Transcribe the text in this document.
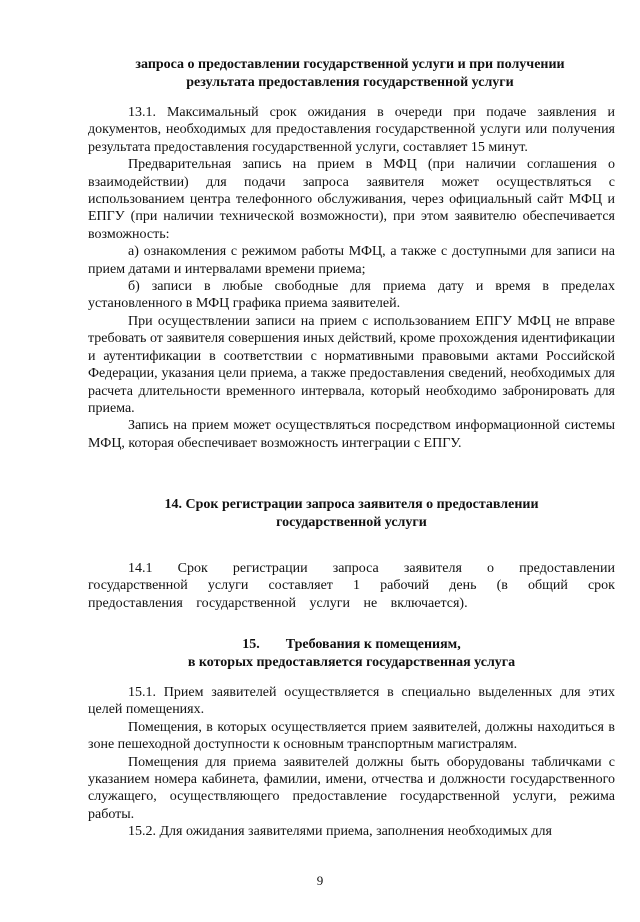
запроса о предоставлении государственной услуги и при получении
результата предоставления государственной услуги

13.1. Максимальный срок ожидания в очереди при подаче заявления и документов, необходимых для предоставления государственной услуги или получения результата предоставления государственной услуги, составляет 15 минут.

Предварительная запись на прием в МФЦ (при наличии соглашения о взаимодействии) для подачи запроса заявителя может осуществляться с использованием центра телефонного обслуживания, через официальный сайт МФЦ и ЕПГУ (при наличии технической возможности), при этом заявителю обеспечивается возможность:

а) ознакомления с режимом работы МФЦ, а также с доступными для записи на прием датами и интервалами времени приема;

б) записи в любые свободные для приема дату и время в пределах установленного в МФЦ графика приема заявителей.

При осуществлении записи на прием с использованием ЕПГУ МФЦ не вправе требовать от заявителя совершения иных действий, кроме прохождения идентификации и аутентификации в соответствии с нормативными правовыми актами Российской Федерации, указания цели приема, а также предоставления сведений, необходимых для расчета длительности временного интервала, который необходимо забронировать для приема.

Запись на прием может осуществляться посредством информационной системы МФЦ, которая обеспечивает возможность интеграции с ЕПГУ.

14. Срок регистрации запроса заявителя о предоставлении
государственной услуги

14.1 Срок регистрации запроса заявителя о предоставлении государственной услуги составляет 1 рабочий день (в общий срок предоставления государственной услуги не включается).

15. Требования к помещениям,
в которых предоставляется государственная услуга

15.1. Прием заявителей осуществляется в специально выделенных для этих целей помещениях.

Помещения, в которых осуществляется прием заявителей, должны находиться в зоне пешеходной доступности к основным транспортным магистралям.

Помещения для приема заявителей должны быть оборудованы табличками с указанием номера кабинета, фамилии, имени, отчества и должности государственного служащего, осуществляющего предоставление государственной услуги, режима работы.

15.2. Для ожидания заявителями приема, заполнения необходимых для

9
